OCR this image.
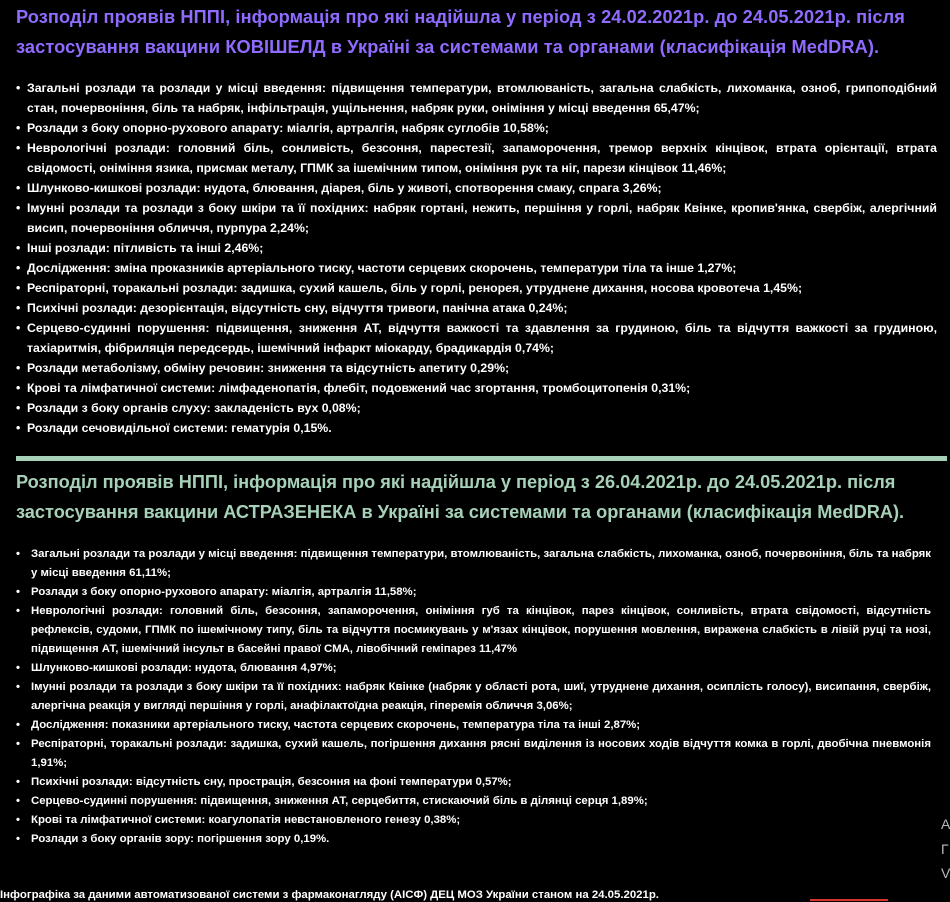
Розподіл проявів НППІ, інформація про які надійшла у період з 24.02.2021р. до 24.05.2021р. після застосування вакцини КОВІШЕЛД в Україні за системами та органами (класифікація MedDRA).
• Загальні розлади та розлади у місці введення: підвищення температури, втомлюваність, загальна слабкість, лихоманка, озноб, грипоподібний стан, почервоніння, біль та набряк, інфільтрація, ущільнення, набряк руки, оніміння у місці введення 65,47%;
• Розлади з боку опорно-рухового апарату: міалгія, артралгія, набряк суглобів 10,58%;
• Неврологічні розлади: головний біль, сонливість, безсоння, парестезії, запаморочення, тремор верхніх кінцівок, втрата орієнтації, втрата свідомості, оніміння язика, присмак металу, ГПМК за ішемічним типом, оніміння рук та ніг, парези кінцівок 11,46%;
• Шлунково-кишкові розлади: нудота, блювання, діарея, біль у животі, спотворення смаку, спрага 3,26%;
• Імунні розлади та розлади з боку шкіри та її похідних: набряк гортані, нежить, першіння у горлі, набряк Квінке, кропив'янка, свербіж, алергічний висип, почервоніння обличчя, пурпура 2,24%;
• Інші розлади: пітливість та інші 2,46%;
• Дослідження: зміна проказників артеріального тиску, частоти серцевих скорочень, температури тіла та інше 1,27%;
• Респіраторні, торакальні розлади: задишка, сухий кашель, біль у горлі, ренорея, утруднене дихання, носова кровотеча 1,45%;
• Психічні розлади: дезорієнтація, відсутність сну, відчуття тривоги, панічна атака 0,24%;
• Серцево-судинні порушення: підвищення, зниження АТ, відчуття важкості та здавлення за грудиною, біль та відчуття важкості за грудиною, тахіаритмія, фібриляція передсердь, ішемічний інфаркт міокарду, брадикардія 0,74%;
• Розлади метаболізму, обміну речовин: зниження та відсутність апетиту 0,29%;
• Крові та лімфатичної системи: лімфаденопатія, флебіт, подовжений час згортання, тромбоцитопенія 0,31%;
• Розлади з боку органів слуху: закладеність вух 0,08%;
• Розлади сечовидільної системи: гематурія 0,15%.
Розподіл проявів НППІ, інформація про які надійшла у період з 26.04.2021р. до 24.05.2021р. після застосування вакцини АСТРАЗЕНЕКА в Україні за системами та органами (класифікація MedDRA).
• Загальні розлади та розлади у місці введення: підвищення температури, втомлюваність, загальна слабкість, лихоманка, озноб, почервоніння, біль та набряк у місці введення 61,11%;
• Розлади з боку опорно-рухового апарату: міалгія, артралгія 11,58%;
• Неврологічні розлади: головний біль, безсоння, запаморочення, оніміння губ та кінцівок, парез кінцівок, сонливість, втрата свідомості, відсутність рефлексів, судоми, ГПМК по ішемічному типу, біль та відчуття посмикувань у м'язах кінцівок, порушення мовлення, виражена слабкість в лівій руці та нозі, підвищення АТ, ішемічний інсульт в басейні правої СМА, лівобічний геміпарез 11,47%
• Шлунково-кишкові розлади: нудота, блювання 4,97%;
• Імунні розлади та розлади з боку шкіри та її похідних: набряк Квінке (набряк у області рота, шиї, утруднене дихання, осиплість голосу), висипання, свербіж, алергічна реакція у вигляді першіння у горлі, анафілактоїдна реакція, гіперемія обличчя 3,06%;
• Дослідження: показники артеріального тиску, частота серцевих скорочень, температура тіла та інші 2,87%;
• Респіраторні, торакальні розлади: задишка, сухий кашель, погіршення дихання рясні виділення із носових ходів відчуття комка в горлі, двобічна пневмонія 1,91%;
• Психічні розлади: відсутність сну, прострація, безсоння на фоні температури 0,57%;
• Серцево-судинні порушення: підвищення, зниження АТ, серцебиття, стискаючий біль в ділянці серця 1,89%;
• Крові та лімфатичної системи: коагулопатія невстановленого генезу 0,38%;
• Розлади з боку органів зору: погіршення зору 0,19%.
А
Г
V
Інфографіка за даними автоматизованої системи з фармаконагляду (АІСФ) ДЕЦ МОЗ України станом на 24.05.2021р.
